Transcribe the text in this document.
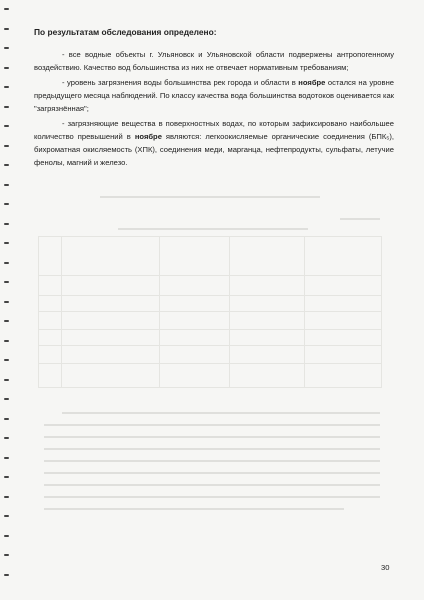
По результатам обследования определено:

- все водные объекты г. Ульяновск и Ульяновской области подвержены антропогенному воздействию. Качество вод большинства из них не отвечает нормативным требованиям;

- уровень загрязнения воды большинства рек города и области в ноябре остался на уровне предыдущего месяца наблюдений. По классу качества вода большинства водотоков оценивается как "загрязнённая";

- загрязняющие вещества в поверхностных водах, по которым зафиксировано наибольшее количество превышений в ноябре являются: легкоокисляемые органические соединения (БПК₅), бихроматная окисляемость (ХПК), соединения меди, марганца, нефтепродукты, сульфаты, летучие фенолы, магний и железо.

30
